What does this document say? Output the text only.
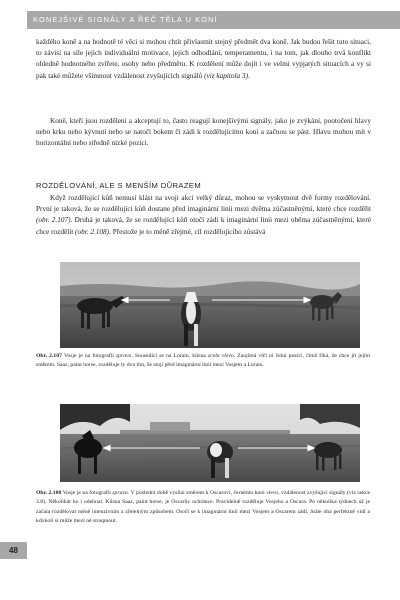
KONEJŠIVÉ SIGNÁLY A ŘEČ TĚLA U KONÍ
48

každého koně a na hodnotě té věci si mohou chtít přivlastnit stejný předmět dva koně. Jak budou řešit tuto situaci, to závisí na síle jejich individuální motivace, jejich odhodlání, temperamentu, i na tom, jak dlouho trvá konflikt ohledně hodnotného zvířete, osoby nebo předmětu. K rozdělení může dojít i ve velmi vypjatých situacích a vy si pak také můžete všimnout vzdálenost zvyšujících signálů (viz kapitola 3).

Koně, kteří jsou rozděleni a akceptují to, často reagují konejšivými signály, jako je zvýkání, pootočení hlavy nebo krku nebo kývnutí nebo se natočí bokem či zádi k rozdělujícímu koni a začnou se pást. Hlavu mohou mít v horizontální nebo středně nízké pozici.

ROZDĚLOVÁNÍ, ALE S MENŠÍM DŮRAZEM

Když rozdělující kůň nemusí klást na svoji akci velký důraz, mohou se vyskytnout dvě formy rozdělování. První je taková, že se rozdělující kůň dostane před imaginární linii mezi dvěma zúčastněnými, které chce rozdělit (obr. 2.107). Druhá je taková, že se rozdělující kůň otočí zádi k imaginární linii mezi oběma zúčastněnými, které chce rozdělit (obr. 2.108). Přestože je to méně zřejmé, cíl rozdělujícího zůstává

Obr. 2.107 Vosje je na fotografii zprava. Sousedící se na Lorain, klisna zcela vlevo. Zaujímá vlčí ní čelní pozici, čímž říká, že chce jít jejím směrem. Saaz, paint horse, rozděluje ty dva tím, že stojí před imaginární linií mezi Vosjem a Lorain.

Obr. 2.108 Vosje je na fotografii zprava. V poslední době vysílal směrem k Oscarovi, černému koni vlevo, vzdálenost zvyšující signály (viz sekce 3.8). Několikát ho i odehnal. Klisna Saaz, paint horse, je Oscarův ochránce. Pravidelně rozděluje Vosjeho a Oscara. Po několika týdnech už je začala rozdělovat méně intenzivním a zřetelným způsobem. Otočí se k imaginární linii mezi Vosjem a Oscarem zádí. Stále oba perfektně vidí a kdykoli si může mezi ně stoupnout.
